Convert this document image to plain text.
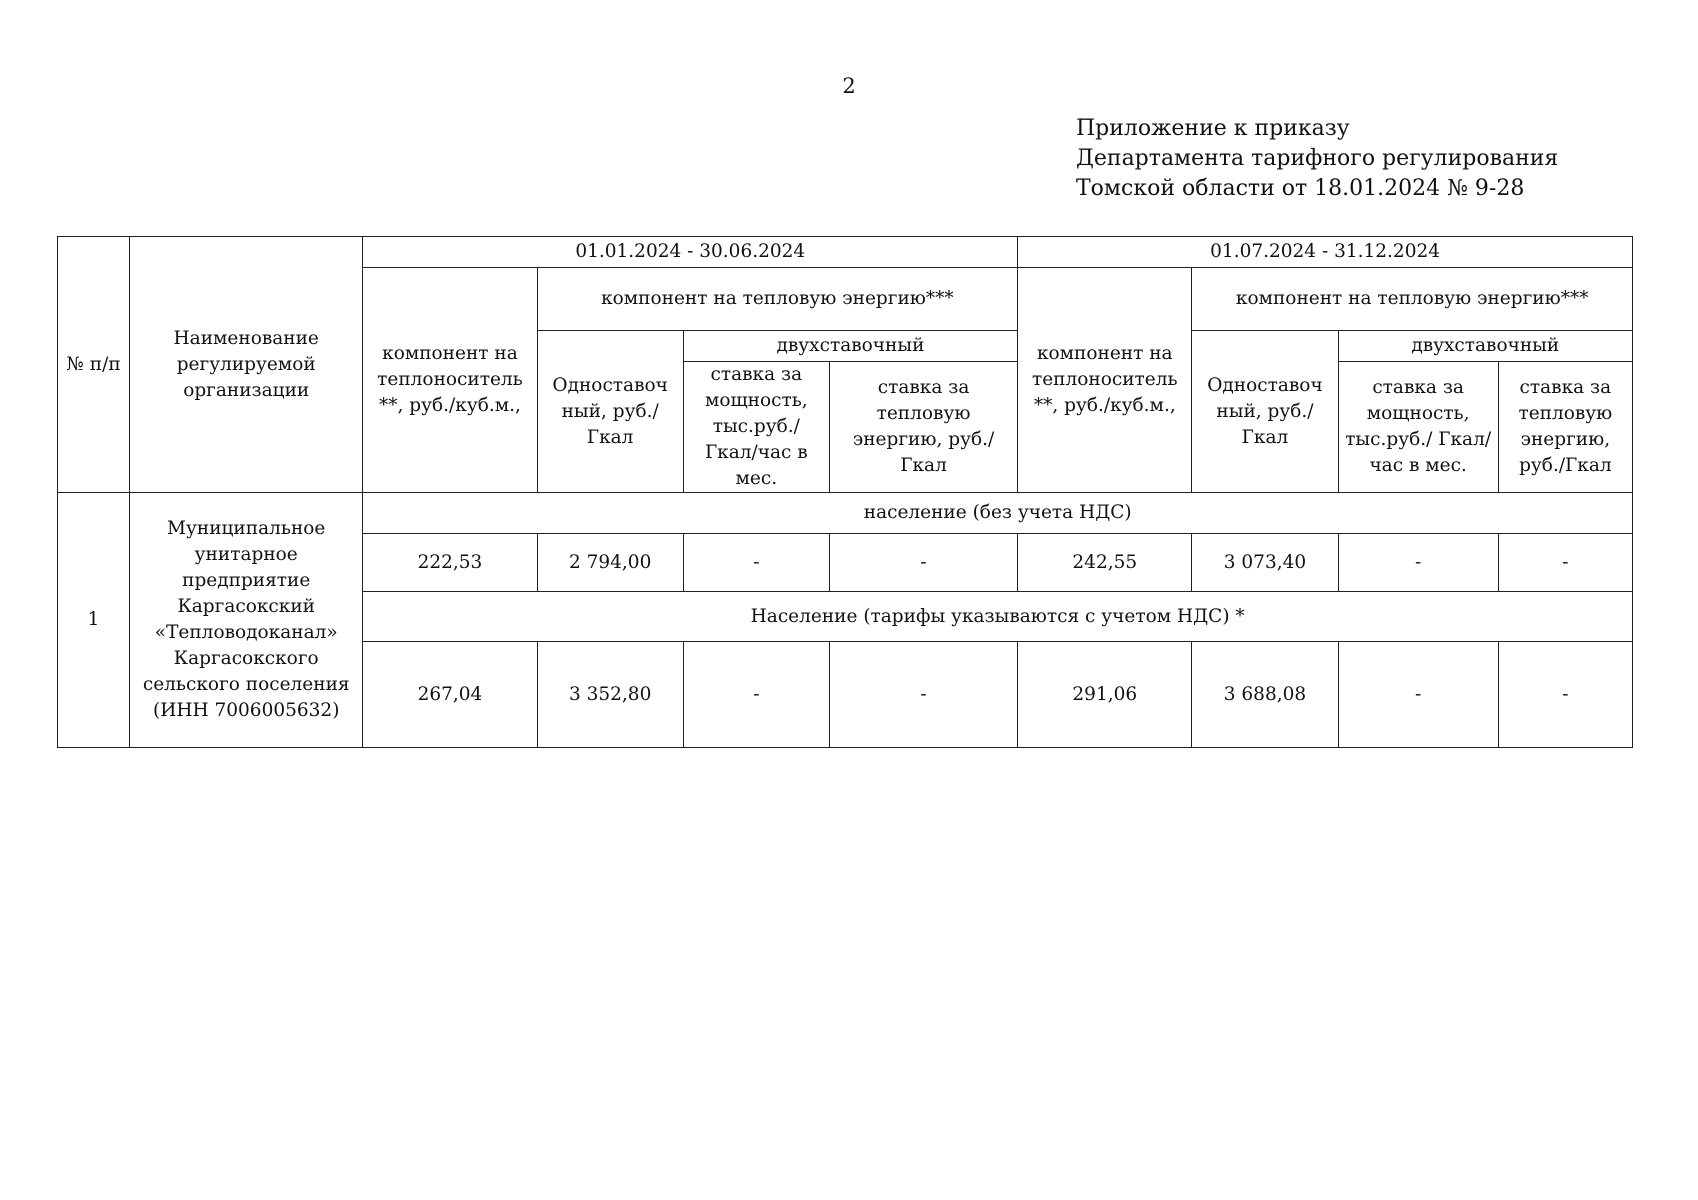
2
Приложение к приказу
Департамента тарифного регулирования
Томской области от 18.01.2024 № 9-28
№ п/п	Наименование регулируемой организации	01.01.2024 - 30.06.2024				01.07.2024 - 31.12.2024			
		компонент на теплоноситель **, руб./куб.м.,	компонент на тепловую энергию***			компонент на теплоноситель **, руб./куб.м.,	компонент на тепловую энергию***		
			Одноставоч ный, руб./Гкал	двухставочный			Одноставоч ный, руб./Гкал	двухставочный	
				ставка за мощность, тыс.руб./ Гкал/час в мес.	ставка за тепловую энергию, руб./Гкал			ставка за мощность, тыс.руб./ Гкал/час в мес.	ставка за тепловую энергию, руб./Гкал
1	Муниципальное унитарное предприятие Каргасокский «Тепловодоканал» Каргасокского сельского поселения (ИНН 7006005632)	население (без учета НДС)							
		222,53	2 794,00	-	-	242,55	3 073,40	-	-
		Население (тарифы указываются с учетом НДС) *							
		267,04	3 352,80	-	-	291,06	3 688,08	-	-
